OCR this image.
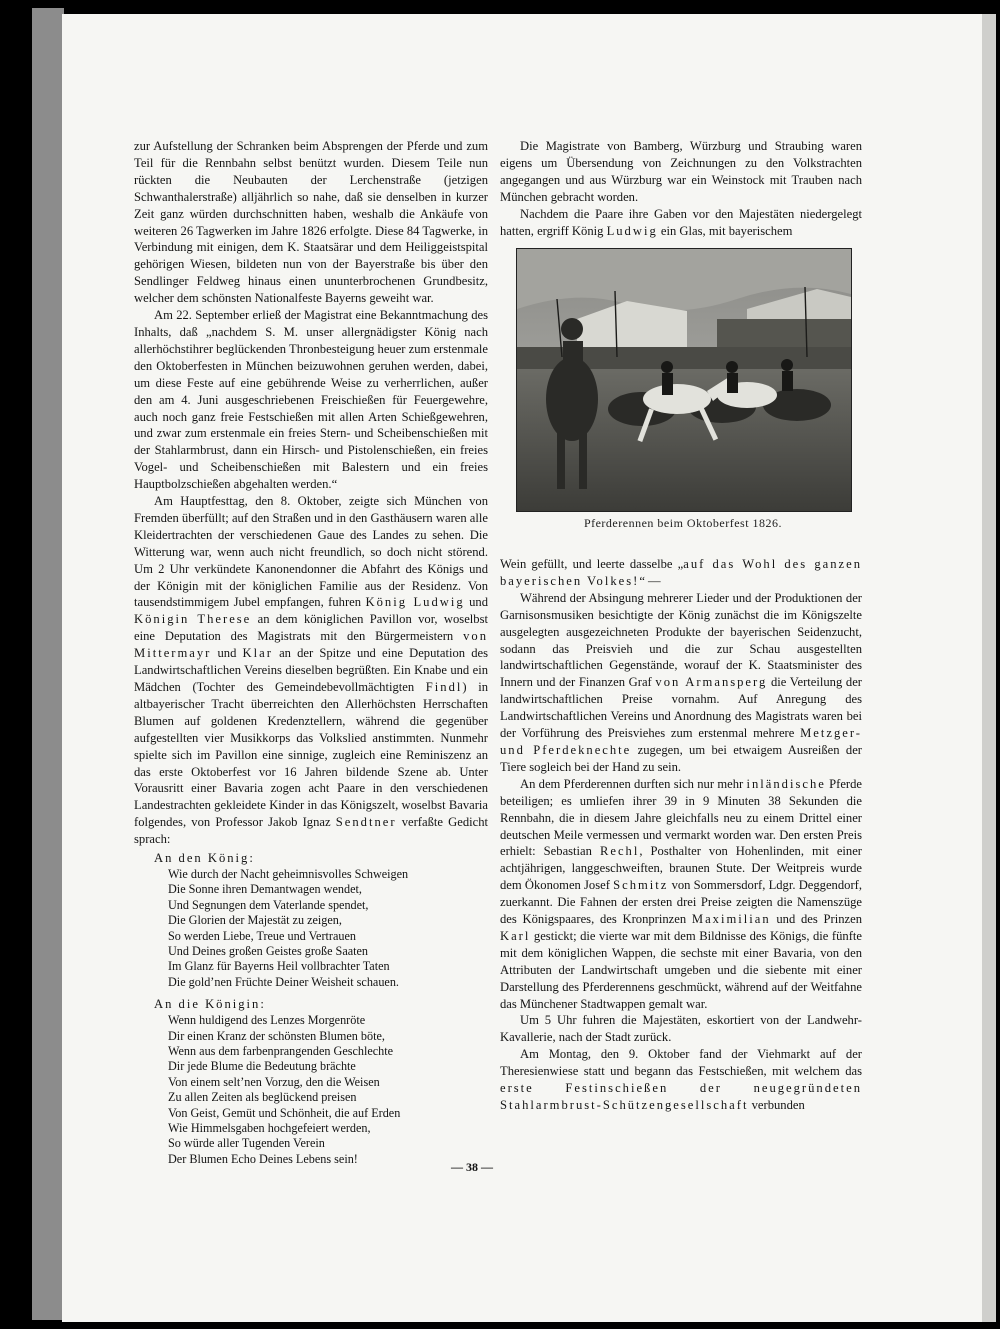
zur Aufstellung der Schranken beim Absprengen der Pferde und zum Teil für die Rennbahn selbst benützt wurden. Diesem Teile nun rückten die Neubauten der Lerchenstraße (jetzigen Schwanthalerstraße) alljährlich so nahe, daß sie denselben in kurzer Zeit ganz würden durchschnitten haben, weshalb die Ankäufe von weiteren 26 Tagwerken im Jahre 1826 erfolgte. Diese 84 Tagwerke, in Verbindung mit einigen, dem K. Staatsärar und dem Heiliggeistspital gehörigen Wiesen, bildeten nun von der Bayerstraße bis über den Sendlinger Feldweg hinaus einen ununterbrochenen Grundbesitz, welcher dem schönsten Nationalfeste Bayerns geweiht war.

Am 22. September erließ der Magistrat eine Bekanntmachung des Inhalts, daß „nachdem S. M. unser allergnädigster König nach allerhöchstihrer beglückenden Thronbesteigung heuer zum erstenmale den Oktoberfesten in München beizuwohnen geruhen werden, dabei, um diese Feste auf eine gebührende Weise zu verherrlichen, außer den am 4. Juni ausgeschriebenen Freischießen für Feuergewehre, auch noch ganz freie Festschießen mit allen Arten Schießgewehren, und zwar zum erstenmale ein freies Stern- und Scheibenschießen mit der Stahlarmbrust, dann ein Hirsch- und Pistolenschießen, ein freies Vogel- und Scheibenschießen mit Balestern und ein freies Hauptbolzschießen abgehalten werden.“

Am Hauptfesttag, den 8. Oktober, zeigte sich München von Fremden überfüllt; auf den Straßen und in den Gasthäusern waren alle Kleidertrachten der verschiedenen Gaue des Landes zu sehen. Die Witterung war, wenn auch nicht freundlich, so doch nicht störend. Um 2 Uhr verkündete Kanonendonner die Abfahrt des Königs und der Königin mit der königlichen Familie aus der Residenz. Von tausendstimmigem Jubel empfangen, fuhren König Ludwig und Königin Therese an dem königlichen Pavillon vor, woselbst eine Deputation des Magistrats mit den Bürgermeistern von Mittermayr und Klar an der Spitze und eine Deputation des Landwirtschaftlichen Vereins dieselben begrüßten. Ein Knabe und ein Mädchen (Tochter des Gemeindebevollmächtigten Findl) in altbayerischer Tracht überreichten den Allerhöchsten Herrschaften Blumen auf goldenen Kredenztellern, während die gegenüber aufgestellten vier Musikkorps das Volkslied anstimmten. Nunmehr spielte sich im Pavillon eine sinnige, zugleich eine Reminiszenz an das erste Oktoberfest vor 16 Jahren bildende Szene ab. Unter Vorausritt einer Bavaria zogen acht Paare in den verschiedenen Landestrachten gekleidete Kinder in das Königszelt, woselbst Bavaria folgendes, von Professor Jakob Ignaz Sendtner verfaßte Gedicht sprach:

An den König:

Wie durch der Nacht geheimnisvolles Schweigen

Die Sonne ihren Demantwagen wendet,

Und Segnungen dem Vaterlande spendet,

Die Glorien der Majestät zu zeigen,

So werden Liebe, Treue und Vertrauen

Und Deines großen Geistes große Saaten

Im Glanz für Bayerns Heil vollbrachter Taten

Die gold’nen Früchte Deiner Weisheit schauen.

An die Königin:

Wenn huldigend des Lenzes Morgenröte

Dir einen Kranz der schönsten Blumen böte,

Wenn aus dem farbenprangenden Geschlechte

Dir jede Blume die Bedeutung brächte

Von einem selt’nen Vorzug, den die Weisen

Zu allen Zeiten als beglückend preisen

Von Geist, Gemüt und Schönheit, die auf Erden

Wie Himmelsgaben hochgefeiert werden,

So würde aller Tugenden Verein

Der Blumen Echo Deines Lebens sein!

Die Magistrate von Bamberg, Würzburg und Straubing waren eigens um Übersendung von Zeichnungen zu den Volkstrachten angegangen und aus Würzburg war ein Weinstock mit Trauben nach München gebracht worden.

Nachdem die Paare ihre Gaben vor den Majestäten niedergelegt hatten, ergriff König Ludwig ein Glas, mit bayerischem

Pferderennen beim Oktoberfest 1826.

Wein gefüllt, und leerte dasselbe „auf das Wohl des ganzen bayerischen Volkes!“ —

Während der Absingung mehrerer Lieder und der Produktionen der Garnisonsmusiken besichtigte der König zunächst die im Königszelte ausgelegten ausgezeichneten Produkte der bayerischen Seidenzucht, sodann das Preisvieh und die zur Schau ausgestellten landwirtschaftlichen Gegenstände, worauf der K. Staatsminister des Innern und der Finanzen Graf von Armansperg die Verteilung der landwirtschaftlichen Preise vornahm. Auf Anregung des Landwirtschaftlichen Vereins und Anordnung des Magistrats waren bei der Vorführung des Preisviehes zum erstenmal mehrere Metzger- und Pferdeknechte zugegen, um bei etwaigem Ausreißen der Tiere sogleich bei der Hand zu sein.

An dem Pferderennen durften sich nur mehr inländische Pferde beteiligen; es umliefen ihrer 39 in 9 Minuten 38 Sekunden die Rennbahn, die in diesem Jahre gleichfalls neu zu einem Drittel einer deutschen Meile vermessen und vermarkt worden war. Den ersten Preis erhielt: Sebastian Rechl, Posthalter von Hohenlinden, mit einer achtjährigen, langgeschweiften, braunen Stute. Der Weitpreis wurde dem Ökonomen Josef Schmitz von Sommersdorf, Ldgr. Deggendorf, zuerkannt. Die Fahnen der ersten drei Preise zeigten die Namenszüge des Königspaares, des Kronprinzen Maximilian und des Prinzen Karl gestickt; die vierte war mit dem Bildnisse des Königs, die fünfte mit dem königlichen Wappen, die sechste mit einer Bavaria, von den Attributen der Landwirtschaft umgeben und die siebente mit einer Darstellung des Pferderennens geschmückt, während auf der Weitfahne das Münchener Stadtwappen gemalt war.

Um 5 Uhr fuhren die Majestäten, eskortiert von der Landwehr-Kavallerie, nach der Stadt zurück.

Am Montag, den 9. Oktober fand der Viehmarkt auf der Theresienwiese statt und begann das Festschießen, mit welchem das erste Festinschießen der neugegründeten Stahlarmbrust-Schützengesellschaft verbunden

— 38 —
